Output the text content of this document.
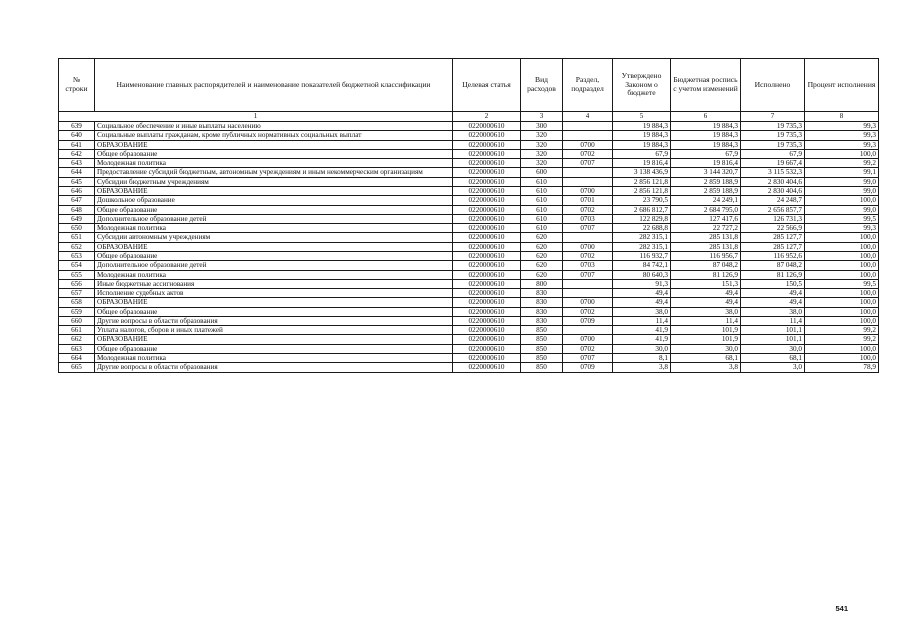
№ строки	Наименование главных распорядителей и наименование показателей бюджетной классификации	Целевая статья	Вид расходов	Раздел, подраздел	Утверждено Законом о бюджете	Бюджетная роспись с учетом изменений	Исполнено	Процент исполнения
1		2	3	4	5	6	7	8
639	Социальное обеспечение и иные выплаты населению	0220000610	300		19 884,3	19 884,3	19 735,3	99,3
640	Социальные выплаты гражданам, кроме публичных нормативных социальных выплат	0220000610	320		19 884,3	19 884,3	19 735,3	99,3
641	ОБРАЗОВАНИЕ	0220000610	320	0700	19 884,3	19 884,3	19 735,3	99,3
642	Общее образование	0220000610	320	0702	67,9	67,9	67,9	100,0
643	Молодежная политика	0220000610	320	0707	19 816,4	19 816,4	19 667,4	99,2
644	Предоставление субсидий бюджетным, автономным учреждениям и иным некоммерческим организациям	0220000610	600		3 138 436,9	3 144 320,7	3 115 532,3	99,1
645	Субсидии бюджетным учреждениям	0220000610	610		2 856 121,8	2 859 188,9	2 830 404,6	99,0
646	ОБРАЗОВАНИЕ	0220000610	610	0700	2 856 121,8	2 859 188,9	2 830 404,6	99,0
647	Дошкольное образование	0220000610	610	0701	23 790,5	24 249,1	24 248,7	100,0
648	Общее образование	0220000610	610	0702	2 686 812,7	2 684 795,0	2 656 857,7	99,0
649	Дополнительное образование детей	0220000610	610	0703	122 829,8	127 417,6	126 731,3	99,5
650	Молодежная политика	0220000610	610	0707	22 688,8	22 727,2	22 566,9	99,3
651	Субсидии автономным учреждениям	0220000610	620		282 315,1	285 131,8	285 127,7	100,0
652	ОБРАЗОВАНИЕ	0220000610	620	0700	282 315,1	285 131,8	285 127,7	100,0
653	Общее образование	0220000610	620	0702	116 932,7	116 956,7	116 952,6	100,0
654	Дополнительное образование детей	0220000610	620	0703	84 742,1	87 048,2	87 048,2	100,0
655	Молодежная политика	0220000610	620	0707	80 640,3	81 126,9	81 126,9	100,0
656	Иные бюджетные ассигнования	0220000610	800		91,3	151,3	150,5	99,5
657	Исполнение судебных актов	0220000610	830		49,4	49,4	49,4	100,0
658	ОБРАЗОВАНИЕ	0220000610	830	0700	49,4	49,4	49,4	100,0
659	Общее образование	0220000610	830	0702	38,0	38,0	38,0	100,0
660	Другие вопросы в области образования	0220000610	830	0709	11,4	11,4	11,4	100,0
661	Уплата налогов, сборов и иных платежей	0220000610	850		41,9	101,9	101,1	99,2
662	ОБРАЗОВАНИЕ	0220000610	850	0700	41,9	101,9	101,1	99,2
663	Общее образование	0220000610	850	0702	30,0	30,0	30,0	100,0
664	Молодежная политика	0220000610	850	0707	8,1	68,1	68,1	100,0
665	Другие вопросы в области образования	0220000610	850	0709	3,8	3,8	3,0	78,9
541
